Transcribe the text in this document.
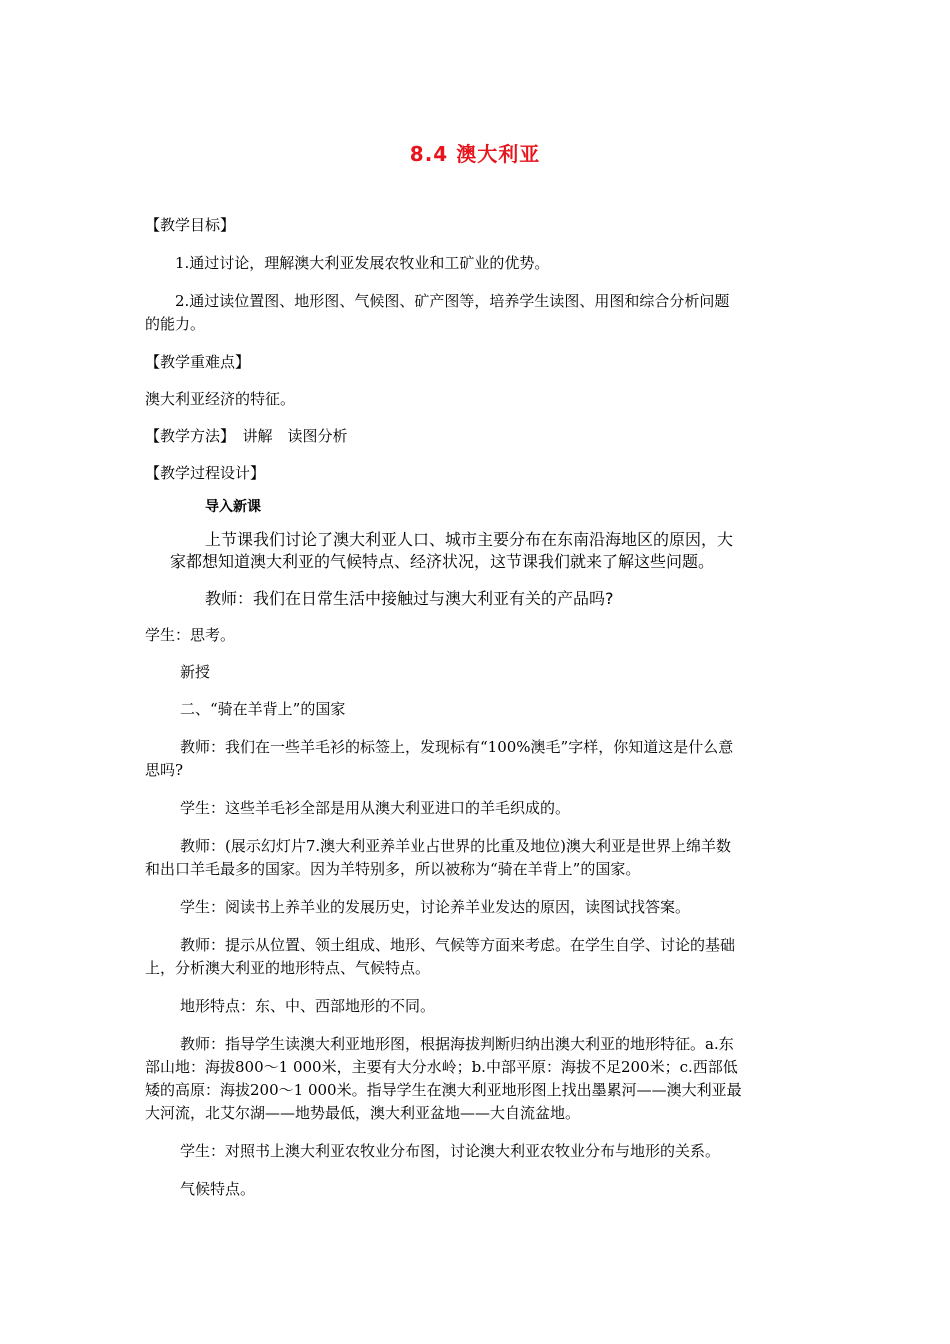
8.4 澳大利亚
【教学目标】
1.通过讨论，理解澳大利亚发展农牧业和工矿业的优势。
2.通过读位置图、地形图、气候图、矿产图等，培养学生读图、用图和综合分析问题
的能力。
【教学重难点】
澳大利亚经济的特征。
【教学方法】　讲解　读图分析
【教学过程设计】
导入新课
上节课我们讨论了澳大利亚人口、城市主要分布在东南沿海地区的原因，大
家都想知道澳大利亚的气候特点、经济状况，这节课我们就来了解这些问题。
教师：我们在日常生活中接触过与澳大利亚有关的产品吗?
学生：思考。
新授
二、“骑在羊背上”的国家
教师：我们在一些羊毛衫的标签上，发现标有“100%澳毛”字样，你知道这是什么意
思吗?
学生：这些羊毛衫全部是用从澳大利亚进口的羊毛织成的。
教师：(展示幻灯片7.澳大利亚养羊业占世界的比重及地位)澳大利亚是世界上绵羊数
和出口羊毛最多的国家。因为羊特别多，所以被称为“骑在羊背上”的国家。
学生：阅读书上养羊业的发展历史，讨论养羊业发达的原因，读图试找答案。
教师：提示从位置、领土组成、地形、气候等方面来考虑。在学生自学、讨论的基础
上，分析澳大利亚的地形特点、气候特点。
地形特点：东、中、西部地形的不同。
教师：指导学生读澳大利亚地形图，根据海拔判断归纳出澳大利亚的地形特征。a.东
部山地：海拔800～1 000米，主要有大分水岭；b.中部平原：海拔不足200米；c.西部低
矮的高原：海拔200～1 000米。指导学生在澳大利亚地形图上找出墨累河——澳大利亚最
大河流，北艾尔湖——地势最低，澳大利亚盆地——大自流盆地。
学生：对照书上澳大利亚农牧业分布图，讨论澳大利亚农牧业分布与地形的关系。
气候特点。
